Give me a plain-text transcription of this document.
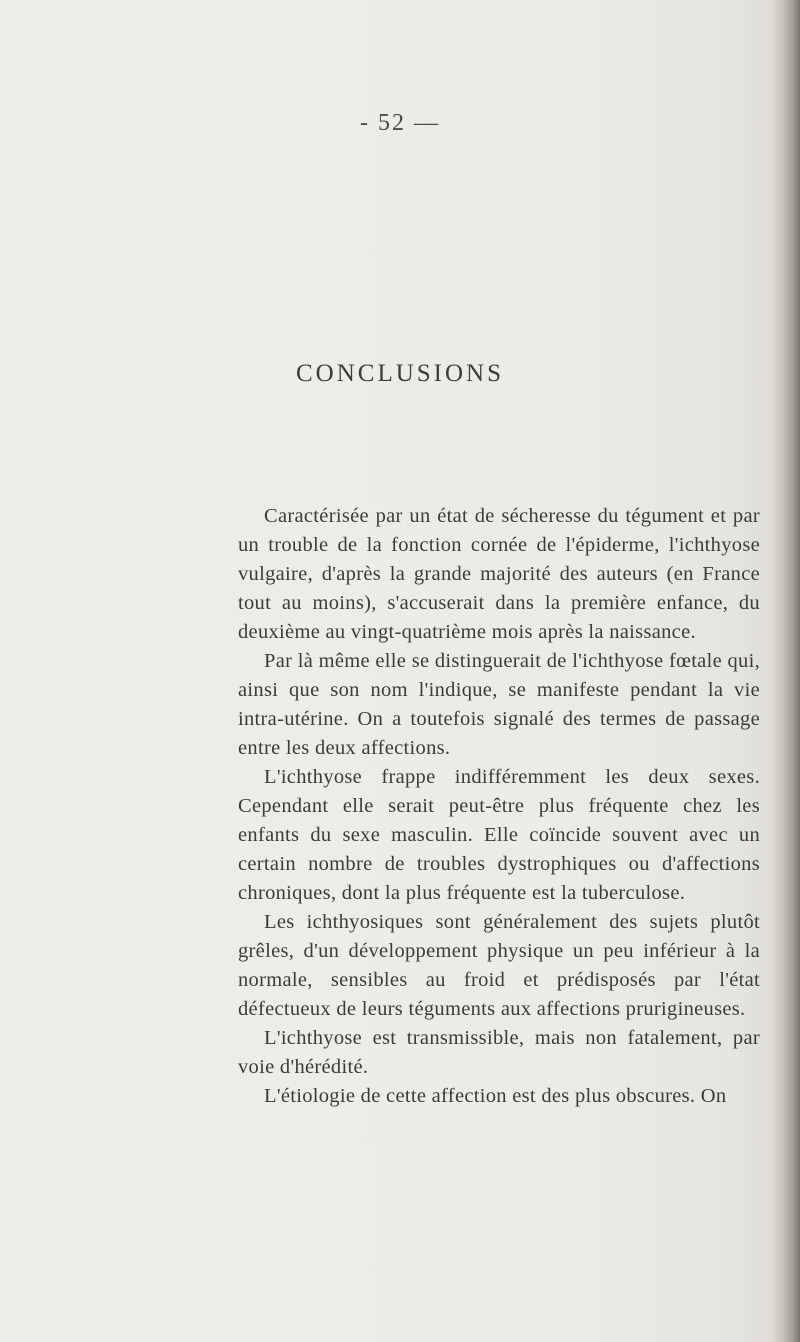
- 52 —
CONCLUSIONS

Caractérisée par un état de sécheresse du tégument et par un trouble de la fonction cornée de l'épiderme, l'ichthyose vulgaire, d'après la grande majorité des auteurs (en France tout au moins), s'accuserait dans la première enfance, du deuxième au vingt-quatrième mois après la naissance.

Par là même elle se distinguerait de l'ichthyose fœtale qui, ainsi que son nom l'indique, se manifeste pendant la vie intra-utérine. On a toutefois signalé des termes de passage entre les deux affections.

L'ichthyose frappe indifféremment les deux sexes. Cependant elle serait peut-être plus fréquente chez les enfants du sexe masculin. Elle coïncide souvent avec un certain nombre de troubles dystrophiques ou d'affections chroniques, dont la plus fréquente est la tuberculose.

Les ichthyosiques sont généralement des sujets plutôt grêles, d'un développement physique un peu inférieur à la normale, sensibles au froid et prédisposés par l'état défectueux de leurs téguments aux affections prurigineuses.

L'ichthyose est transmissible, mais non fatalement, par voie d'hérédité.

L'étiologie de cette affection est des plus obscures. On
